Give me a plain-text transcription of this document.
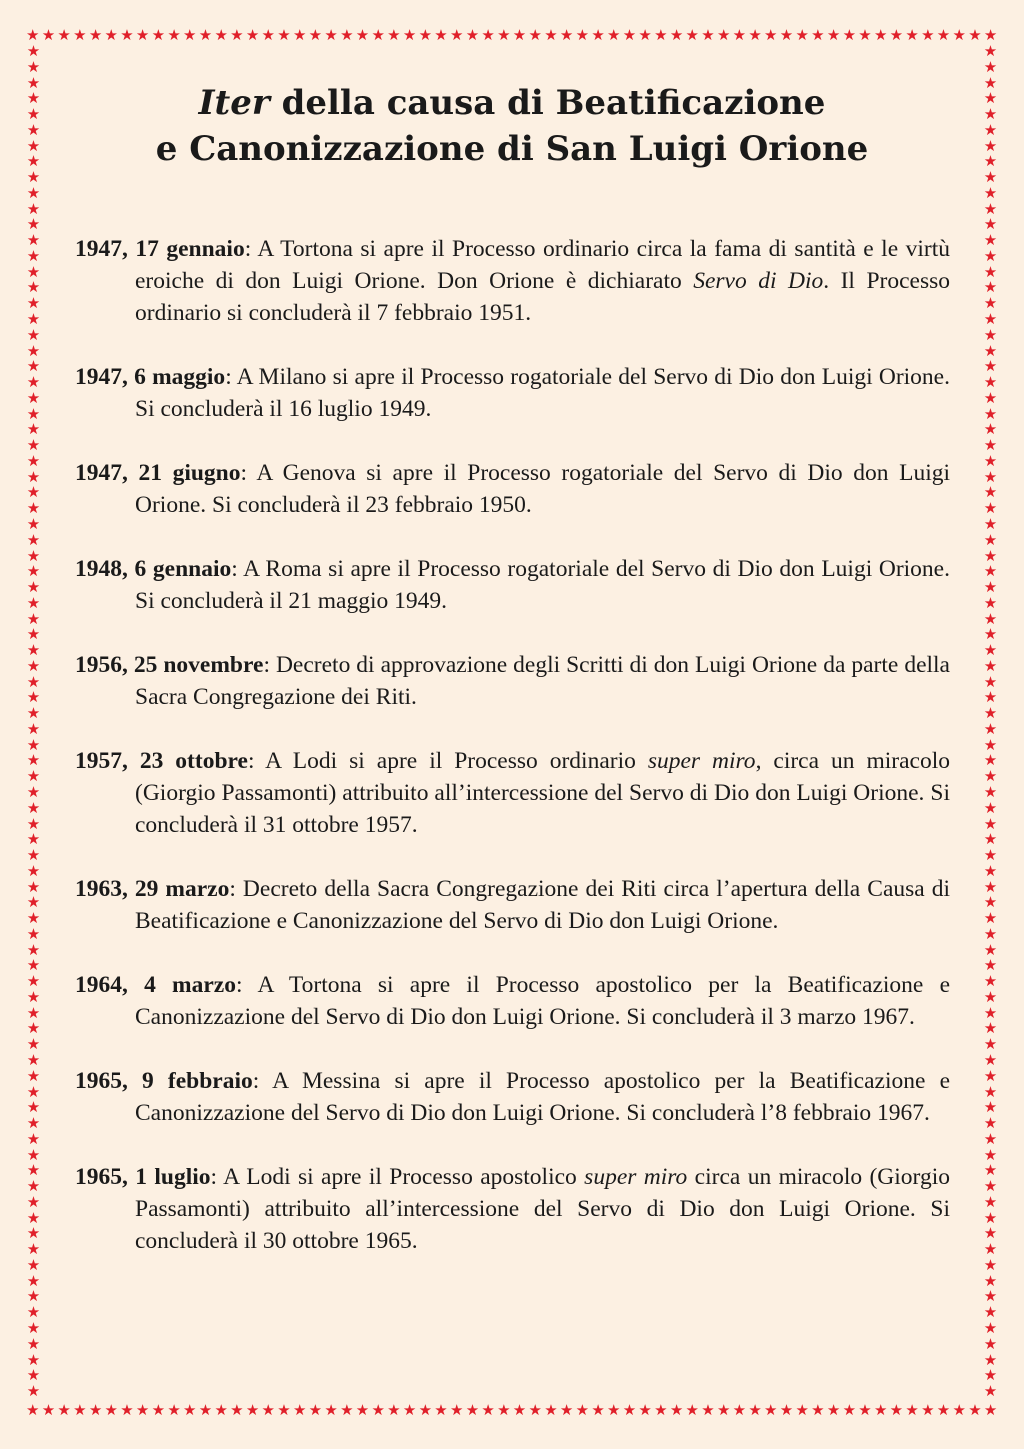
★ ★ ★ ★ ★ ★ ★ ★ ★ ★ ★ ★ ★ ★ ★ ★ ★ ★ ★ ★ ★ ★ ★ ★ ★ ★ ★ ★ ★ ★ ★ ★ ★ ★ ★ ★ ★ ★ ★ ★ ★ ★ ★ ★ ★ ★ ★ ★ ★ ★ ★ ★ ★ ★ ★ ★ ★ ★ ★ ★ ★ ★
★ ★ ★ ★ ★ ★ ★ ★ ★ ★ ★ ★ ★ ★ ★ ★ ★ ★ ★ ★ ★ ★ ★ ★ ★ ★ ★ ★ ★ ★ ★ ★ ★ ★ ★ ★ ★ ★ ★ ★ ★ ★ ★ ★ ★ ★ ★ ★ ★ ★ ★ ★ ★ ★ ★ ★ ★ ★ ★ ★ ★ ★
★
★
★
★
★
★
★
★
★
★
★
★
★
★
★
★
★
★
★
★
★
★
★
★
★
★
★
★
★
★
★
★
★
★
★
★
★
★
★
★
★
★
★
★
★
★
★
★
★
★
★
★
★
★
★
★
★
★
★
★
★
★
★
★
★
★
★
★
★
★
★
★
★
★
★
★
★
★
★
★
★
★
★
★
★
★
★
★
★
★
★
★
★
★
★
★
★
★
★
★
★
★
★
★
★
★
★
★
★
★
★
★
★
★
★
★
★
★
★
★
★
★
★
★
★
★
★
★
★
★
★
★
★
★
★
★
★
★
★
★
★
★
★
★
★
★
★
★
★
★
★
★
★
★
★
★
★
★
★
★
★
★
★
★
★
★
★
★
★
★
★
★
Iter della causa di Beatificazione
e Canonizzazione di San Luigi Orione

1947, 17 gennaio: A Tortona si apre il Processo ordinario circa la fama di santità e le virtù eroiche di don Luigi Orione. Don Orione è dichiarato Servo di Dio. Il Processo ordinario si concluderà il 7 febbraio 1951.

1947, 6 maggio: A Milano si apre il Processo rogatoriale del Servo di Dio don Luigi Orione. Si concluderà il 16 luglio 1949.

1947, 21 giugno: A Genova si apre il Processo rogatoriale del Servo di Dio don Luigi Orione. Si concluderà il 23 febbraio 1950.

1948, 6 gennaio: A Roma si apre il Processo rogatoriale del Servo di Dio don Luigi Orione. Si concluderà il 21 maggio 1949.

1956, 25 novembre: Decreto di approvazione degli Scritti di don Luigi Orione da parte della Sacra Congregazione dei Riti.

1957, 23 ottobre: A Lodi si apre il Processo ordinario super miro, circa un miracolo (Giorgio Passamonti) attribuito all’intercessione del Servo di Dio don Luigi Orione. Si concluderà il 31 ottobre 1957.

1963, 29 marzo: Decreto della Sacra Congregazione dei Riti circa l’apertura della Causa di Beatificazione e Canonizzazione del Servo di Dio don Luigi Orione.

1964, 4 marzo: A Tortona si apre il Processo apostolico per la Beatificazione e Canonizzazione del Servo di Dio don Luigi Orione. Si concluderà il 3 marzo 1967.

1965, 9 febbraio: A Messina si apre il Processo apostolico per la Beatificazione e Canonizzazione del Servo di Dio don Luigi Orione. Si concluderà l’8 febbraio 1967.

1965, 1 luglio: A Lodi si apre il Processo apostolico super miro circa un miracolo (Giorgio Passamonti) attribuito all’intercessione del Servo di Dio don Luigi Orione. Si concluderà il 30 ottobre 1965.
